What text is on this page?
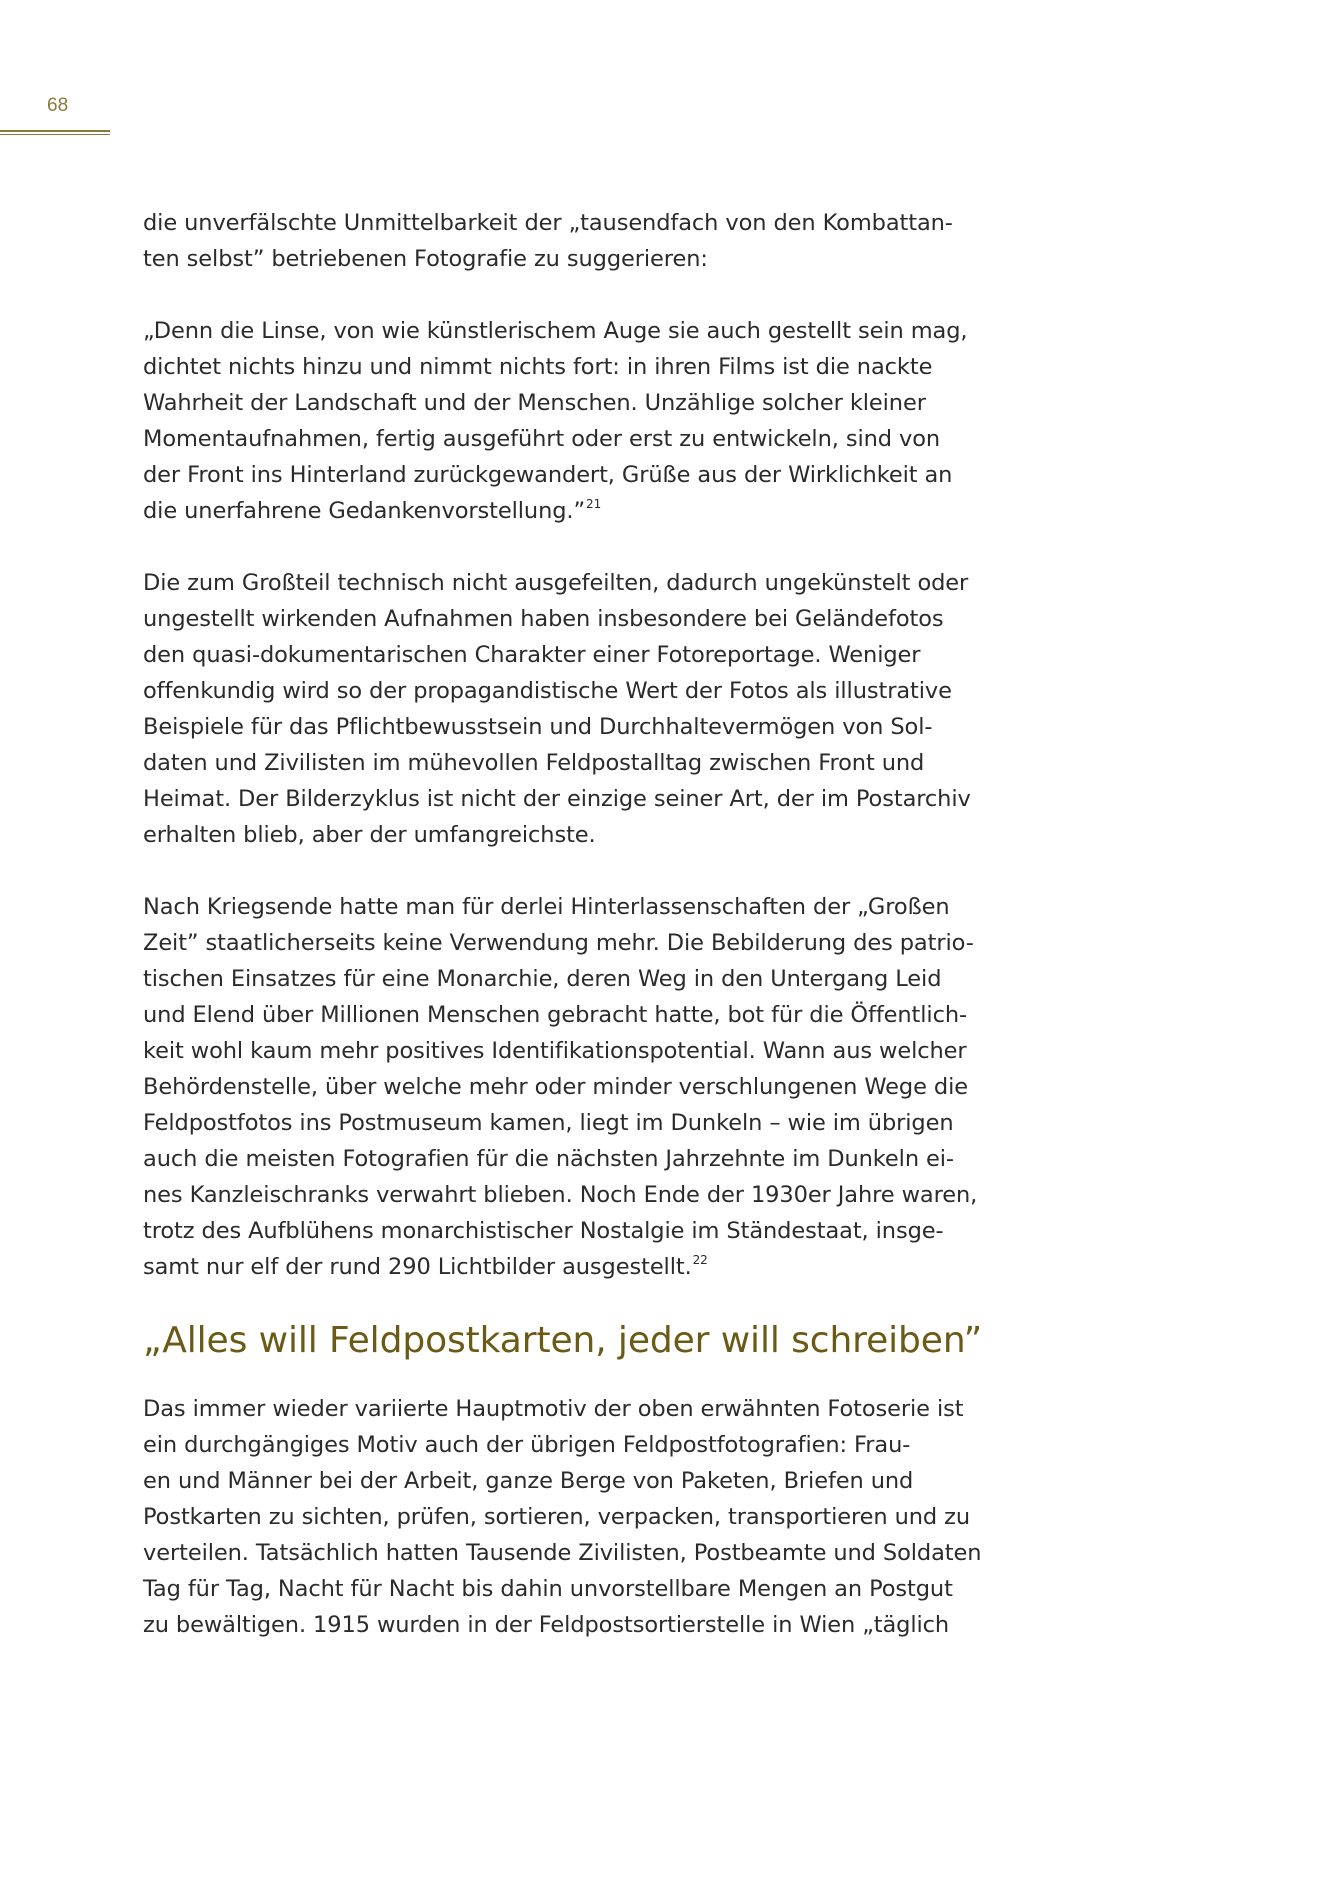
68
die unverfälschte Unmittelbarkeit der „tausendfach von den Kombattan-
ten selbst” betriebenen Fotografie zu suggerieren:
„Denn die Linse, von wie künstlerischem Auge sie auch gestellt sein mag,
dichtet nichts hinzu und nimmt nichts fort: in ihren Films ist die nackte
Wahrheit der Landschaft und der Menschen. Unzählige solcher kleiner
Momentaufnahmen, fertig ausgeführt oder erst zu entwickeln, sind von
der Front ins Hinterland zurückgewandert, Grüße aus der Wirklichkeit an
die unerfahrene Gedankenvorstellung.”$^{21}$
Die zum Großteil technisch nicht ausgefeilten, dadurch ungekünstelt oder
ungestellt wirkenden Aufnahmen haben insbesondere bei Geländefotos
den quasi-dokumentarischen Charakter einer Fotoreportage. Weniger
offenkundig wird so der propagandistische Wert der Fotos als illustrative
Beispiele für das Pflichtbewusstsein und Durchhaltevermögen von Sol-
daten und Zivilisten im mühevollen Feldpostalltag zwischen Front und
Heimat. Der Bilderzyklus ist nicht der einzige seiner Art, der im Postarchiv
erhalten blieb, aber der umfangreichste.
Nach Kriegsende hatte man für derlei Hinterlassenschaften der „Großen
Zeit” staatlicherseits keine Verwendung mehr. Die Bebilderung des patrio-
tischen Einsatzes für eine Monarchie, deren Weg in den Untergang Leid
und Elend über Millionen Menschen gebracht hatte, bot für die Öffentlich-
keit wohl kaum mehr positives Identifikationspotential. Wann aus welcher
Behördenstelle, über welche mehr oder minder verschlungenen Wege die
Feldpostfotos ins Postmuseum kamen, liegt im Dunkeln – wie im übrigen
auch die meisten Fotografien für die nächsten Jahrzehnte im Dunkeln ei-
nes Kanzleischranks verwahrt blieben. Noch Ende der 1930er Jahre waren,
trotz des Aufblühens monarchistischer Nostalgie im Ständestaat, insge-
samt nur elf der rund 290 Lichtbilder ausgestellt.$^{22}$
„Alles will Feldpostkarten, jeder will schreiben”
Das immer wieder variierte Hauptmotiv der oben erwähnten Fotoserie ist
ein durchgängiges Motiv auch der übrigen Feldpostfotografien: Frau-
en und Männer bei der Arbeit, ganze Berge von Paketen, Briefen und
Postkarten zu sichten, prüfen, sortieren, verpacken, transportieren und zu
verteilen. Tatsächlich hatten Tausende Zivilisten, Postbeamte und Soldaten
Tag für Tag, Nacht für Nacht bis dahin unvorstellbare Mengen an Postgut
zu bewältigen. 1915 wurden in der Feldpostsortierstelle in Wien „täglich
